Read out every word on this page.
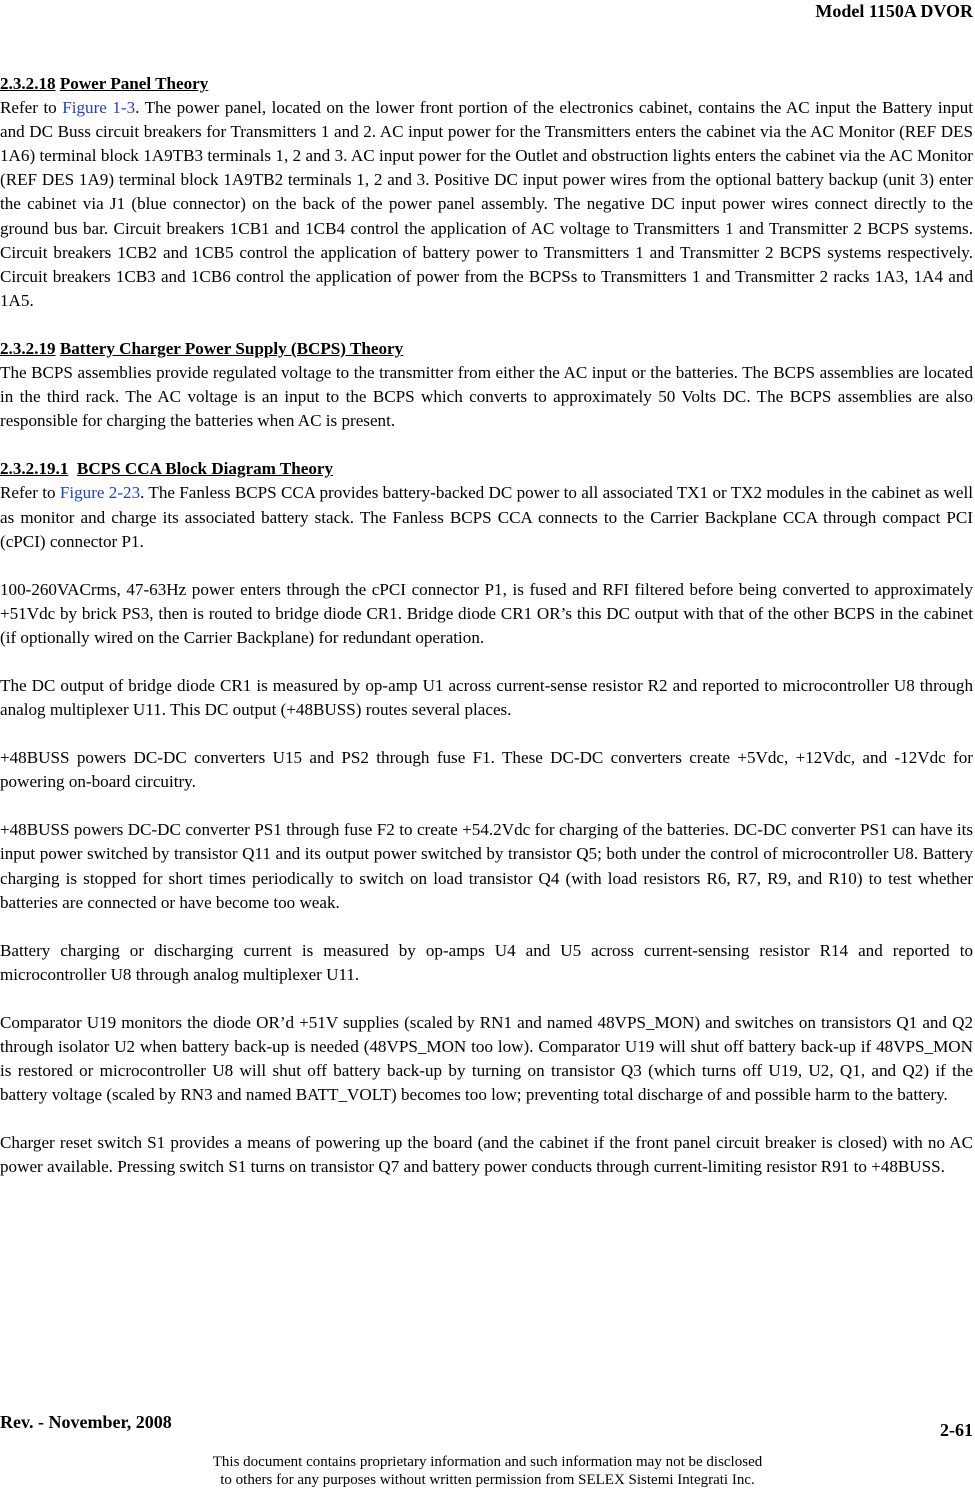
Model 1150A DVOR
2.3.2.18 Power Panel Theory

Refer to Figure 1-3. The power panel, located on the lower front portion of the electronics cabinet, contains the AC input the Battery input and DC Buss circuit breakers for Transmitters 1 and 2. AC input power for the Transmitters enters the cabinet via the AC Monitor (REF DES 1A6) terminal block 1A9TB3 terminals 1, 2 and 3. AC input power for the Outlet and obstruction lights enters the cabinet via the AC Monitor (REF DES 1A9) terminal block 1A9TB2 terminals 1, 2 and 3. Positive DC input power wires from the optional battery backup (unit 3) enter the cabinet via J1 (blue connector) on the back of the power panel assembly. The negative DC input power wires connect directly to the ground bus bar. Circuit breakers 1CB1 and 1CB4 control the application of AC voltage to Transmitters 1 and Transmitter 2 BCPS systems. Circuit breakers 1CB2 and 1CB5 control the application of battery power to Transmitters 1 and Transmitter 2 BCPS systems respectively. Circuit breakers 1CB3 and 1CB6 control the application of power from the BCPSs to Transmitters 1 and Transmitter 2 racks 1A3, 1A4 and 1A5.

2.3.2.19 Battery Charger Power Supply (BCPS) Theory

The BCPS assemblies provide regulated voltage to the transmitter from either the AC input or the batteries. The BCPS assemblies are located in the third rack. The AC voltage is an input to the BCPS which converts to approximately 50 Volts DC. The BCPS assemblies are also responsible for charging the batteries when AC is present.

2.3.2.19.1 BCPS CCA Block Diagram Theory

Refer to Figure 2-23. The Fanless BCPS CCA provides battery-backed DC power to all associated TX1 or TX2 modules in the cabinet as well as monitor and charge its associated battery stack. The Fanless BCPS CCA connects to the Carrier Backplane CCA through compact PCI (cPCI) connector P1.

100-260VACrms, 47-63Hz power enters through the cPCI connector P1, is fused and RFI filtered before being converted to approximately +51Vdc by brick PS3, then is routed to bridge diode CR1. Bridge diode CR1 OR’s this DC output with that of the other BCPS in the cabinet (if optionally wired on the Carrier Backplane) for redundant operation.

The DC output of bridge diode CR1 is measured by op-amp U1 across current-sense resistor R2 and reported to microcontroller U8 through analog multiplexer U11. This DC output (+48BUSS) routes several places.

+48BUSS powers DC-DC converters U15 and PS2 through fuse F1. These DC-DC converters create +5Vdc, +12Vdc, and -12Vdc for powering on-board circuitry.

+48BUSS powers DC-DC converter PS1 through fuse F2 to create +54.2Vdc for charging of the batteries. DC-DC converter PS1 can have its input power switched by transistor Q11 and its output power switched by transistor Q5; both under the control of microcontroller U8. Battery charging is stopped for short times periodically to switch on load transistor Q4 (with load resistors R6, R7, R9, and R10) to test whether batteries are connected or have become too weak.

Battery charging or discharging current is measured by op-amps U4 and U5 across current-sensing resistor R14 and reported to microcontroller U8 through analog multiplexer U11.

Comparator U19 monitors the diode OR’d +51V supplies (scaled by RN1 and named 48VPS_MON) and switches on transistors Q1 and Q2 through isolator U2 when battery back-up is needed (48VPS_MON too low). Comparator U19 will shut off battery back-up if 48VPS_MON is restored or microcontroller U8 will shut off battery back-up by turning on transistor Q3 (which turns off U19, U2, Q1, and Q2) if the battery voltage (scaled by RN3 and named BATT_VOLT) becomes too low; preventing total discharge of and possible harm to the battery.

Charger reset switch S1 provides a means of powering up the board (and the cabinet if the front panel circuit breaker is closed) with no AC power available. Pressing switch S1 turns on transistor Q7 and battery power conducts through current-limiting resistor R91 to +48BUSS.

Rev. - November, 2008	2-61
This document contains proprietary information and such information may not be disclosed
to others for any purposes without written permission from SELEX Sistemi Integrati Inc.
